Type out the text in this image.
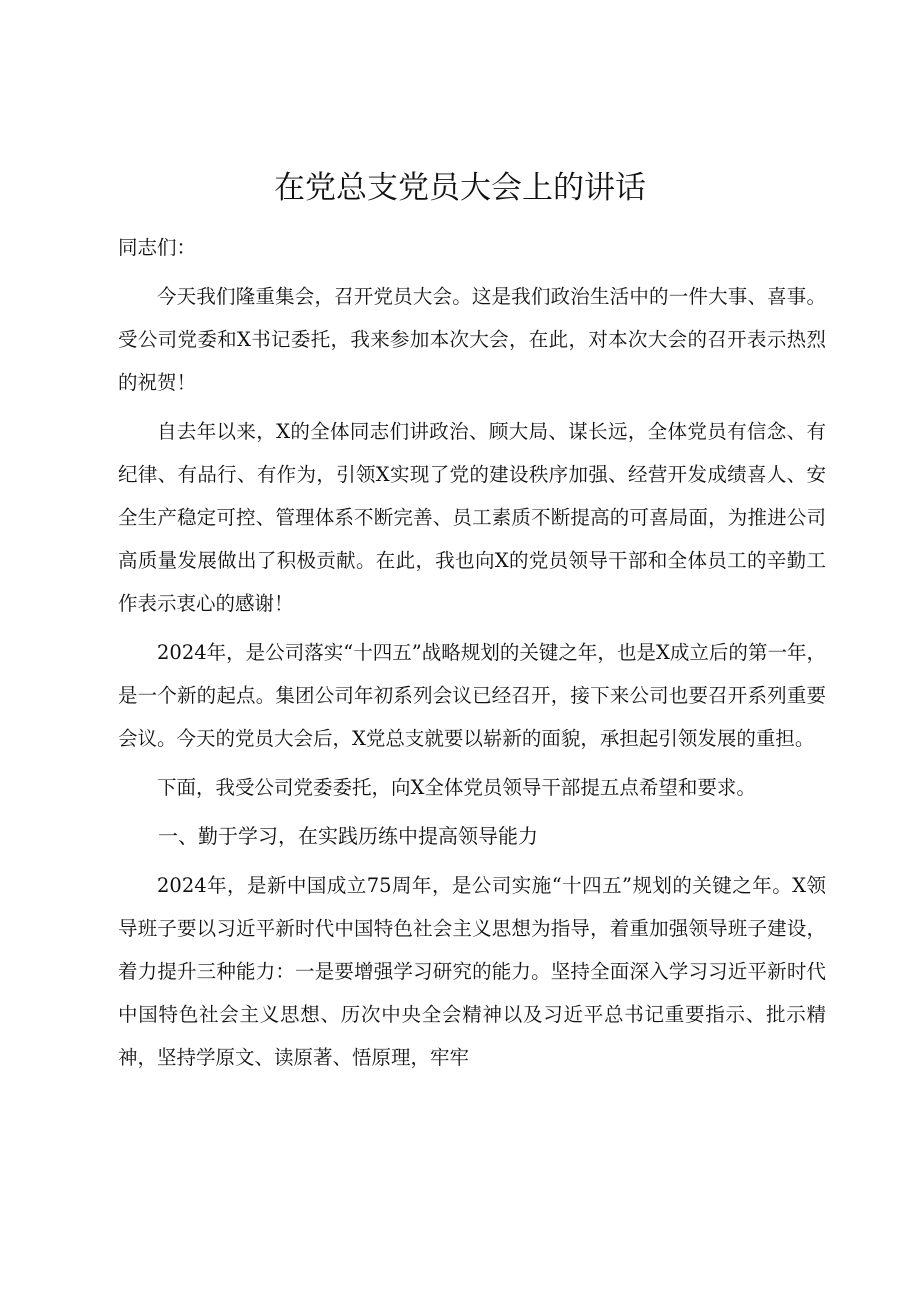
在党总支党员大会上的讲话

同志们：

今天我们隆重集会，召开党员大会。这是我们政治生活中的一件大事、喜事。受公司党委和X书记委托，我来参加本次大会，在此，对本次大会的召开表示热烈的祝贺！

自去年以来，X的全体同志们讲政治、顾大局、谋长远，全体党员有信念、有纪律、有品行、有作为，引领X实现了党的建设秩序加强、经营开发成绩喜人、安全生产稳定可控、管理体系不断完善、员工素质不断提高的可喜局面，为推进公司高质量发展做出了积极贡献。在此，我也向X的党员领导干部和全体员工的辛勤工作表示衷心的感谢！

2024年，是公司落实“十四五”战略规划的关键之年，也是X成立后的第一年，是一个新的起点。集团公司年初系列会议已经召开，接下来公司也要召开系列重要会议。今天的党员大会后，X党总支就要以崭新的面貌，承担起引领发展的重担。

下面，我受公司党委委托，向X全体党员领导干部提五点希望和要求。

一、勤于学习，在实践历练中提高领导能力

2024年，是新中国成立75周年，是公司实施“十四五”规划的关键之年。X领导班子要以习近平新时代中国特色社会主义思想为指导，着重加强领导班子建设，着力提升三种能力：一是要增强学习研究的能力。坚持全面深入学习习近平新时代中国特色社会主义思想、历次中央全会精神以及习近平总书记重要指示、批示精神，坚持学原文、读原著、悟原理，牢牢
